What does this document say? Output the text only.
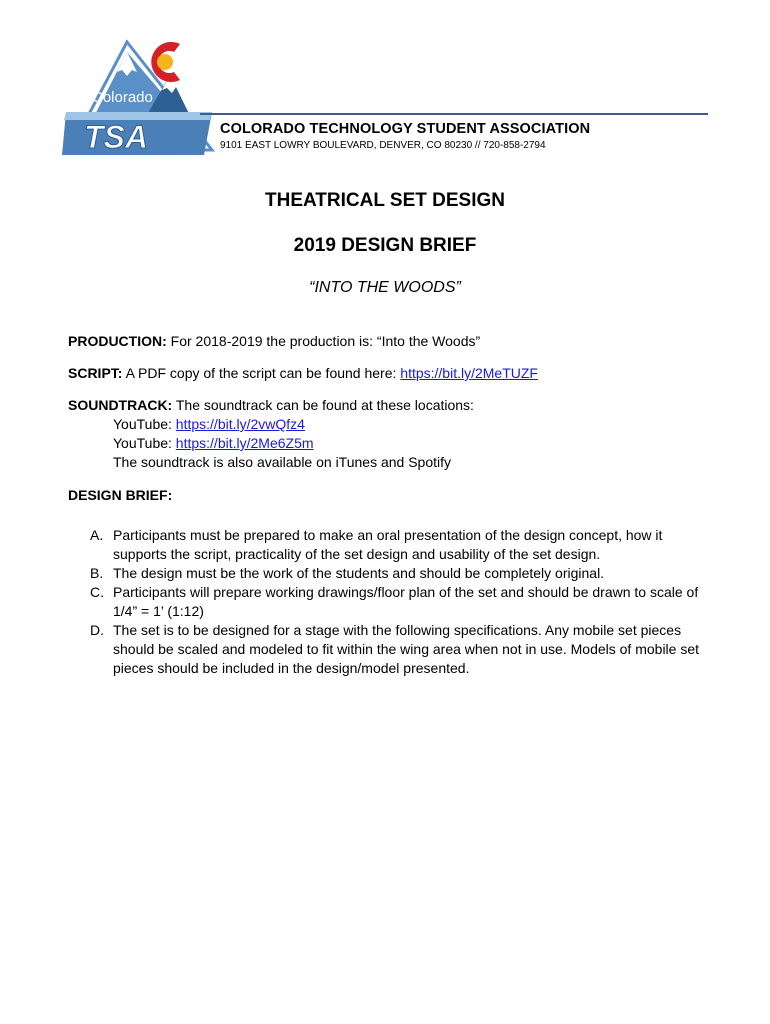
Colorado
TSA	COLORADO TECHNOLOGY STUDENT ASSOCIATION
9101 EAST LOWRY BOULEVARD, DENVER, CO 80230 // 720-858-2794
THEATRICAL SET DESIGN
2019 DESIGN BRIEF
“INTO THE WOODS”
PRODUCTION: For 2018-2019 the production is: “Into the Woods”
SCRIPT: A PDF copy of the script can be found here: https://bit.ly/2MeTUZF
SOUNDTRACK: The soundtrack can be found at these locations:
YouTube: https://bit.ly/2vwQfz4
YouTube: https://bit.ly/2Me6Z5m
The soundtrack is also available on iTunes and Spotify
DESIGN BRIEF:
A. Participants must be prepared to make an oral presentation of the design concept, how it
supports the script, practicality of the set design and usability of the set design.
B. The design must be the work of the students and should be completely original.
C. Participants will prepare working drawings/floor plan of the set and should be drawn to scale of
1/4” = 1’ (1:12)
D. The set is to be designed for a stage with the following specifications. Any mobile set pieces
should be scaled and modeled to fit within the wing area when not in use. Models of mobile set
pieces should be included in the design/model presented.
